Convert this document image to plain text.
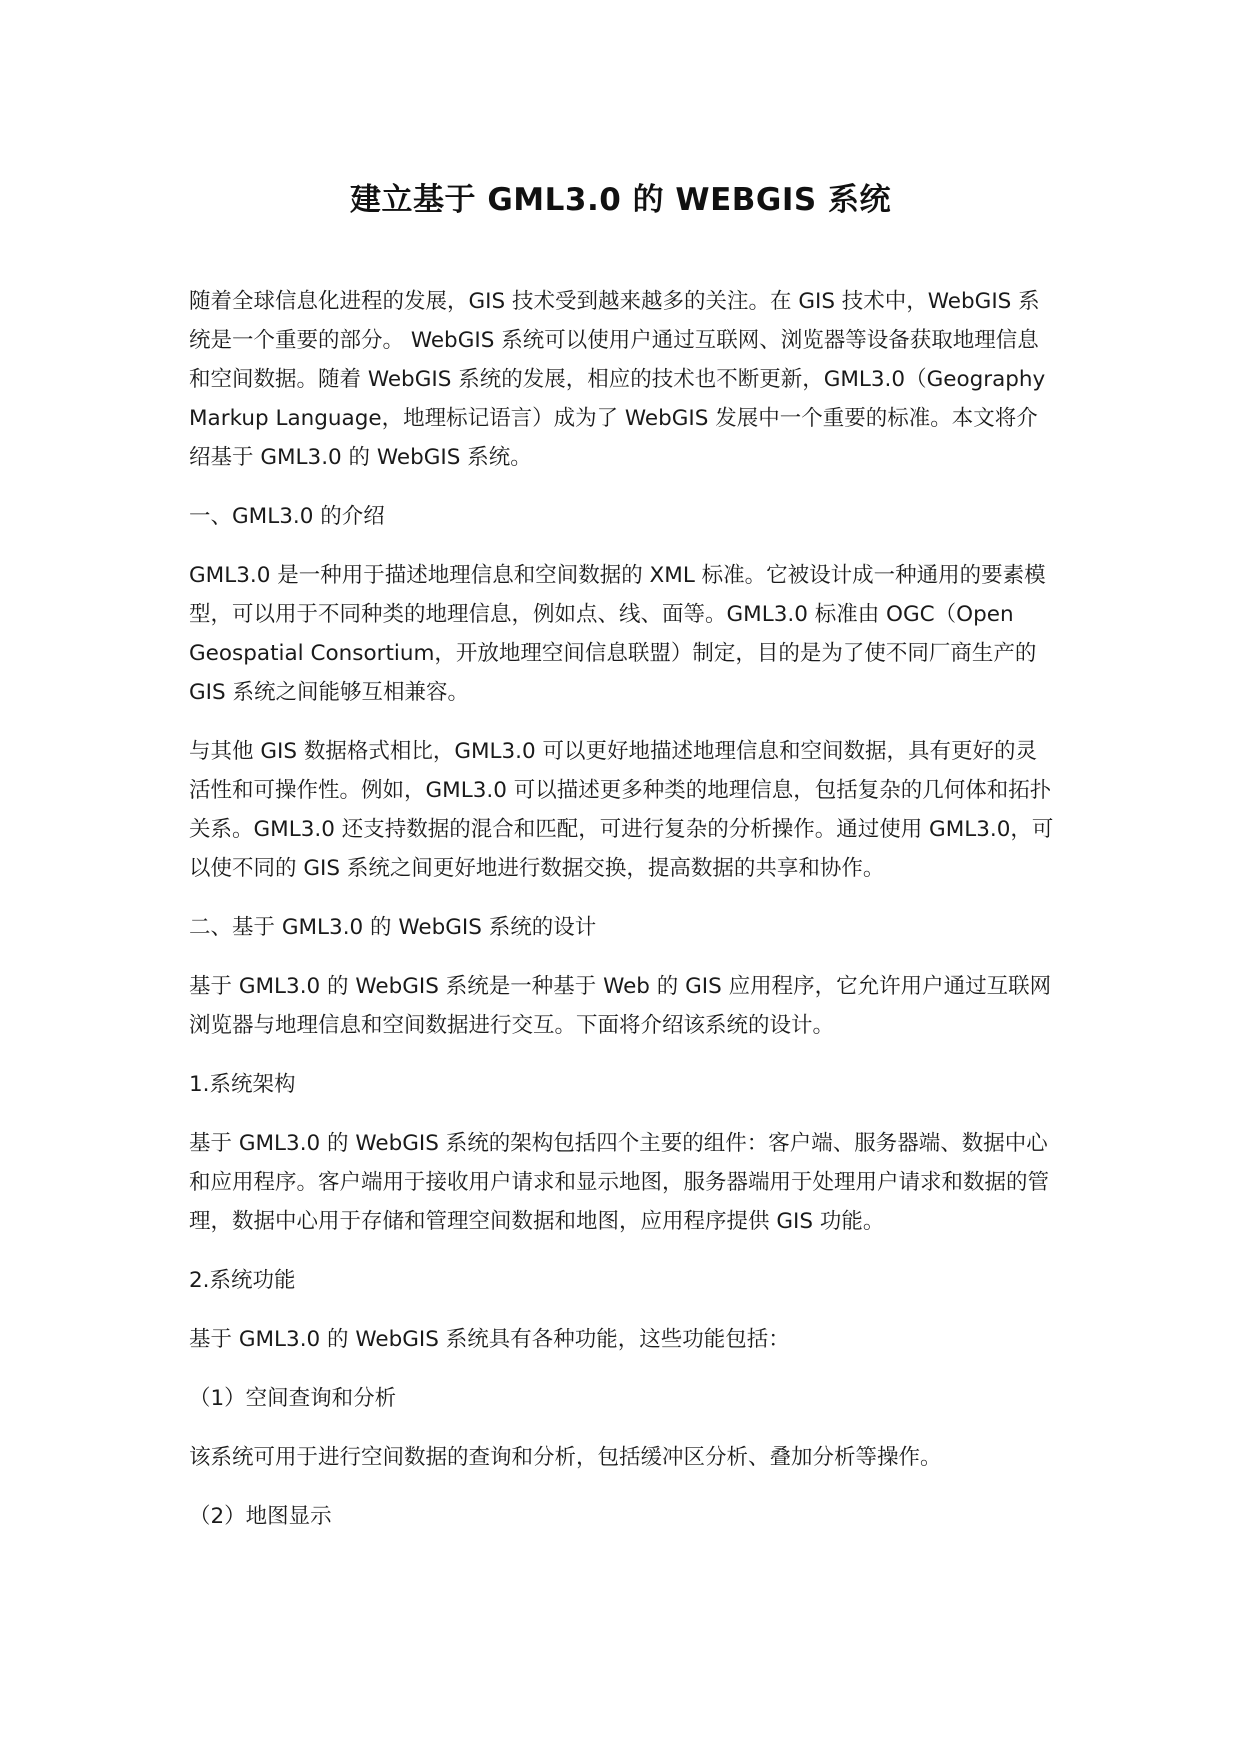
建立基于 GML3.0 的 WEBGIS 系统

随着全球信息化进程的发展，GIS 技术受到越来越多的关注。在 GIS 技术中，WebGIS 系统是一个重要的部分。 WebGIS 系统可以使用户通过互联网、浏览器等设备获取地理信息和空间数据。随着 WebGIS 系统的发展，相应的技术也不断更新，GML3.0（Geography Markup Language，地理标记语言）成为了 WebGIS 发展中一个重要的标准。本文将介绍基于 GML3.0 的 WebGIS 系统。

一、GML3.0 的介绍

GML3.0 是一种用于描述地理信息和空间数据的 XML 标准。它被设计成一种通用的要素模型，可以用于不同种类的地理信息，例如点、线、面等。GML3.0 标准由 OGC（Open Geospatial Consortium，开放地理空间信息联盟）制定，目的是为了使不同厂商生产的 GIS 系统之间能够互相兼容。

与其他 GIS 数据格式相比，GML3.0 可以更好地描述地理信息和空间数据，具有更好的灵活性和可操作性。例如，GML3.0 可以描述更多种类的地理信息，包括复杂的几何体和拓扑关系。GML3.0 还支持数据的混合和匹配，可进行复杂的分析操作。通过使用 GML3.0，可以使不同的 GIS 系统之间更好地进行数据交换，提高数据的共享和协作。

二、基于 GML3.0 的 WebGIS 系统的设计

基于 GML3.0 的 WebGIS 系统是一种基于 Web 的 GIS 应用程序，它允许用户通过互联网浏览器与地理信息和空间数据进行交互。下面将介绍该系统的设计。

1.系统架构

基于 GML3.0 的 WebGIS 系统的架构包括四个主要的组件：客户端、服务器端、数据中心和应用程序。客户端用于接收用户请求和显示地图，服务器端用于处理用户请求和数据的管理，数据中心用于存储和管理空间数据和地图，应用程序提供 GIS 功能。

2.系统功能

基于 GML3.0 的 WebGIS 系统具有各种功能，这些功能包括：

（1）空间查询和分析

该系统可用于进行空间数据的查询和分析，包括缓冲区分析、叠加分析等操作。

（2）地图显示
